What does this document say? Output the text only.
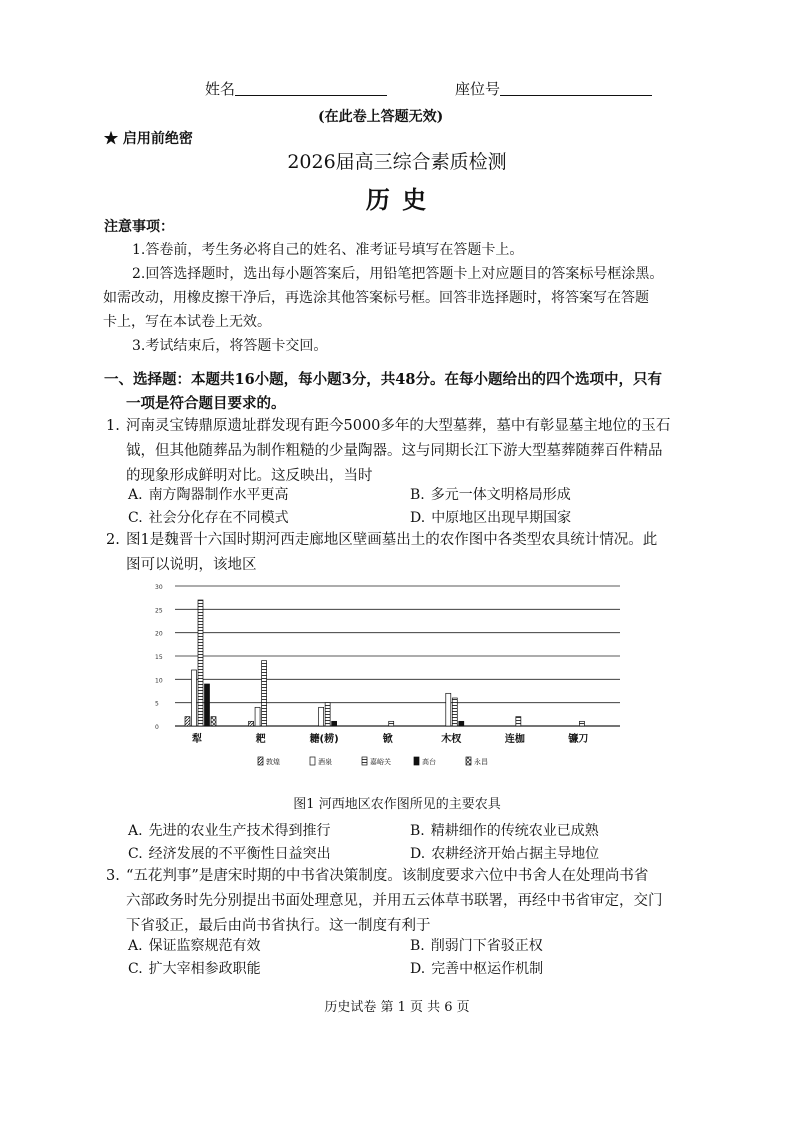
姓名	座位号
(在此卷上答题无效)
★ 启用前绝密
2026届高三综合素质检测
历 史
注意事项：
1.答卷前，考生务必将自己的姓名、准考证号填写在答题卡上。
2.回答选择题时，选出每小题答案后，用铅笔把答题卡上对应题目的答案标号框涂黑。
如需改动，用橡皮擦干净后，再选涂其他答案标号框。回答非选择题时，将答案写在答题
卡上，写在本试卷上无效。
3.考试结束后，将答题卡交回。
一、选择题：本题共16小题，每小题3分，共48分。在每小题给出的四个选项中，只有
一项是符合题目要求的。
1. 河南灵宝铸鼎原遗址群发现有距今5000多年的大型墓葬，墓中有彰显墓主地位的玉石
钺，但其他随葬品为制作粗糙的少量陶器。这与同期长江下游大型墓葬随葬百件精品
的现象形成鲜明对比。这反映出，当时
A. 南方陶器制作水平更高	B. 多元一体文明格局形成
C. 社会分化存在不同模式	D. 中原地区出现早期国家
2. 图1是魏晋十六国时期河西走廊地区壁画墓出土的农作图中各类型农具统计情况。此
图可以说明，该地区
0
5
10
15
20
25
30
犁	耙	耱(耢)	锨	木杈	连枷	镰刀
敦煌	酒泉	嘉峪关	高台	永昌
图1 河西地区农作图所见的主要农具
A. 先进的农业生产技术得到推行	B. 精耕细作的传统农业已成熟
C. 经济发展的不平衡性日益突出	D. 农耕经济开始占据主导地位
3. “五花判事”是唐宋时期的中书省决策制度。该制度要求六位中书舍人在处理尚书省
六部政务时先分别提出书面处理意见，并用五云体草书联署，再经中书省审定，交门
下省驳正，最后由尚书省执行。这一制度有利于
A. 保证监察规范有效	B. 削弱门下省驳正权
C. 扩大宰相参政职能	D. 完善中枢运作机制
历史试卷 第 1 页 共 6 页
